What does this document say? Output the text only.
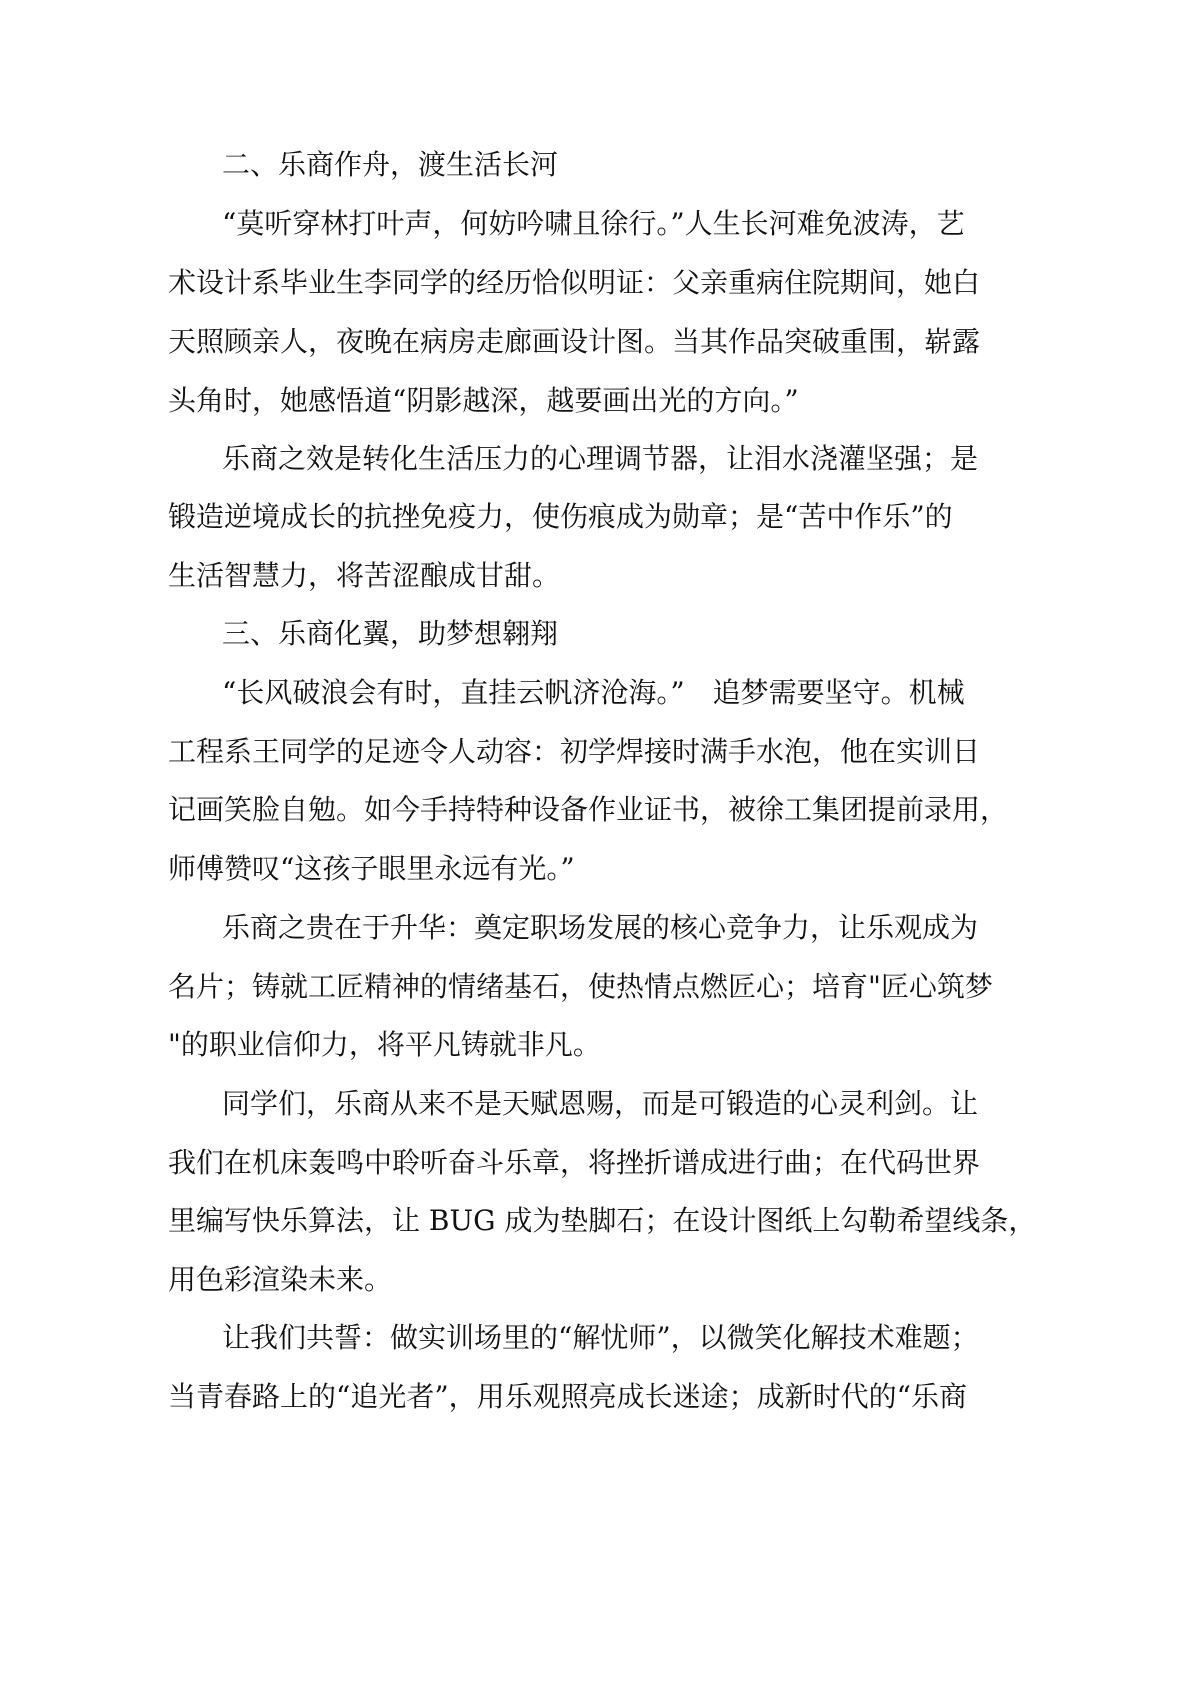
二、乐商作舟，渡生活长河
“莫听穿林打叶声，何妨吟啸且徐行。”人生长河难免波涛，艺
术设计系毕业生李同学的经历恰似明证：父亲重病住院期间，她白
天照顾亲人，夜晚在病房走廊画设计图。当其作品突破重围，崭露
头角时，她感悟道“阴影越深，越要画出光的方向。”
乐商之效是转化生活压力的心理调节器，让泪水浇灌坚强；是
锻造逆境成长的抗挫免疫力，使伤痕成为勋章；是“苦中作乐”的
生活智慧力，将苦涩酿成甘甜。
三、乐商化翼，助梦想翱翔
“长风破浪会有时，直挂云帆济沧海。”　追梦需要坚守。机械
工程系王同学的足迹令人动容：初学焊接时满手水泡，他在实训日
记画笑脸自勉。如今手持特种设备作业证书，被徐工集团提前录用，
师傅赞叹“这孩子眼里永远有光。”
乐商之贵在于升华：奠定职场发展的核心竞争力，让乐观成为
名片；铸就工匠精神的情绪基石，使热情点燃匠心；培育"匠心筑梦
"的职业信仰力，将平凡铸就非凡。
同学们，乐商从来不是天赋恩赐，而是可锻造的心灵利剑。让
我们在机床轰鸣中聆听奋斗乐章，将挫折谱成进行曲；在代码世界
里编写快乐算法，让 BUG 成为垫脚石；在设计图纸上勾勒希望线条，
用色彩渲染未来。
让我们共誓：做实训场里的“解忧师”，以微笑化解技术难题；
当青春路上的“追光者”，用乐观照亮成长迷途；成新时代的“乐商
